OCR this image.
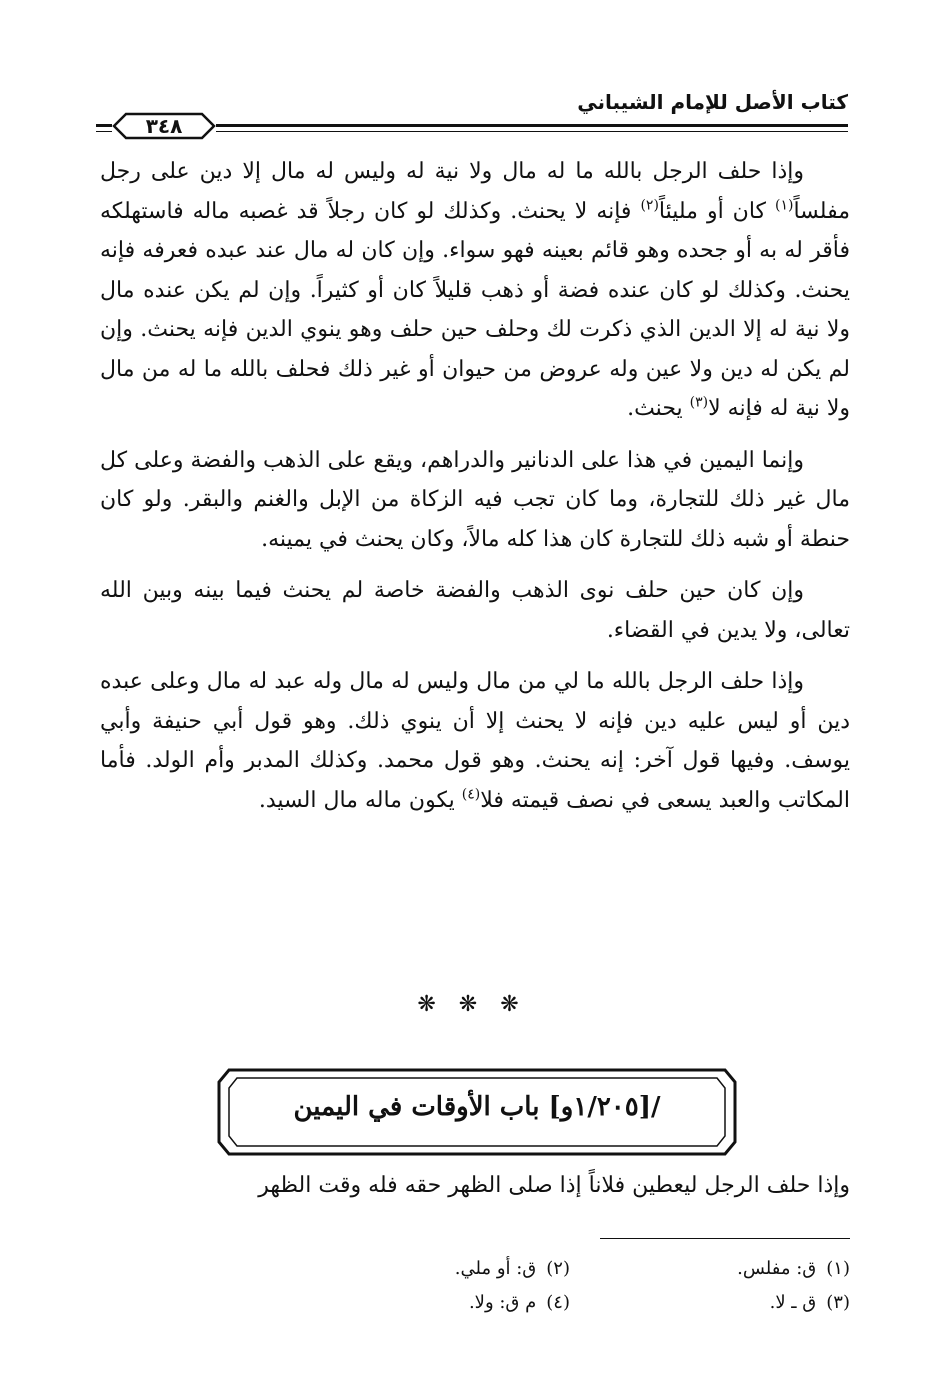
كتاب الأصل للإمام الشيباني
٣٤٨

وإذا حلف الرجل بالله ما له مال ولا نية له وليس له مال إلا دين على رجل مفلساً$^{(١)}$ كان أو مليئاً$^{(٢)}$ فإنه لا يحنث. وكذلك لو كان رجلاً قد غصبه ماله فاستهلكه فأقر له به أو جحده وهو قائم بعينه فهو سواء. وإن كان له مال عند عبده فعرفه فإنه يحنث. وكذلك لو كان عنده فضة أو ذهب قليلاً كان أو كثيراً. وإن لم يكن عنده مال ولا نية له إلا الدين الذي ذكرت لك وحلف حين حلف وهو ينوي الدين فإنه يحنث. وإن لم يكن له دين ولا عين وله عروض من حيوان أو غير ذلك فحلف بالله ما له من مال ولا نية له فإنه لا$^{(٣)}$ يحنث.

وإنما اليمين في هذا على الدنانير والدراهم، ويقع على الذهب والفضة وعلى كل مال غير ذلك للتجارة، وما كان تجب فيه الزكاة من الإبل والغنم والبقر. ولو كان حنطة أو شبه ذلك للتجارة كان هذا كله مالاً، وكان يحنث في يمينه.

وإن كان حين حلف نوى الذهب والفضة خاصة لم يحنث فيما بينه وبين الله تعالى، ولا يدين في القضاء.

وإذا حلف الرجل بالله ما لي من مال وليس له مال وله عبد له مال وعلى عبده دين أو ليس عليه دين فإنه لا يحنث إلا أن ينوي ذلك. وهو قول أبي حنيفة وأبي يوسف. وفيها قول آخر: إنه يحنث. وهو قول محمد. وكذلك المدبر وأم الولد. فأما المكاتب والعبد يسعى في نصف قيمته فلا$^{(٤)}$ يكون ماله مال السيد.

❋ ❋ ❋
/[١/٢٠٥و] باب الأوقات في اليمين
وإذا حلف الرجل ليعطين فلاناً إذا صلى الظهر حقه فله وقت الظهر
(١)ق: مفلس.
(٢)ق: أو ملي.
(٣)ق ـ لا.
(٤)م ق: ولا.
